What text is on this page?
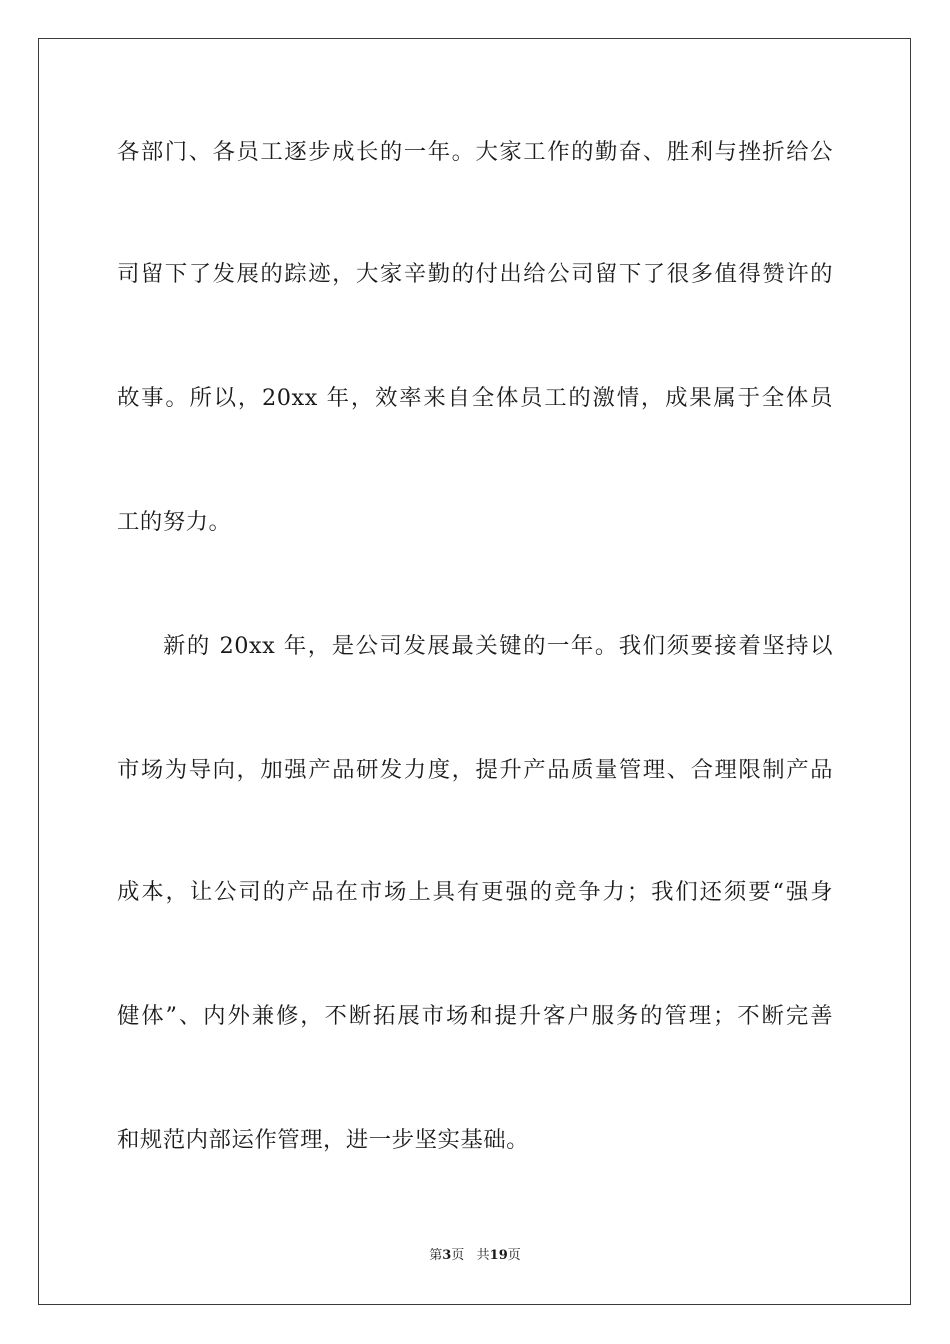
各部门、各员工逐步成长的一年。大家工作的勤奋、胜利与挫折给公
司留下了发展的踪迹，大家辛勤的付出给公司留下了很多值得赞许的
故事。所以，20xx 年，效率来自全体员工的激情，成果属于全体员
工的努力。
新的 20xx 年，是公司发展最关键的一年。我们须要接着坚持以
市场为导向，加强产品研发力度，提升产品质量管理、合理限制产品
成本，让公司的产品在市场上具有更强的竞争力；我们还须要“强身
健体”、内外兼修，不断拓展市场和提升客户服务的管理；不断完善
和规范内部运作管理，进一步坚实基础。
第3页   共19页
